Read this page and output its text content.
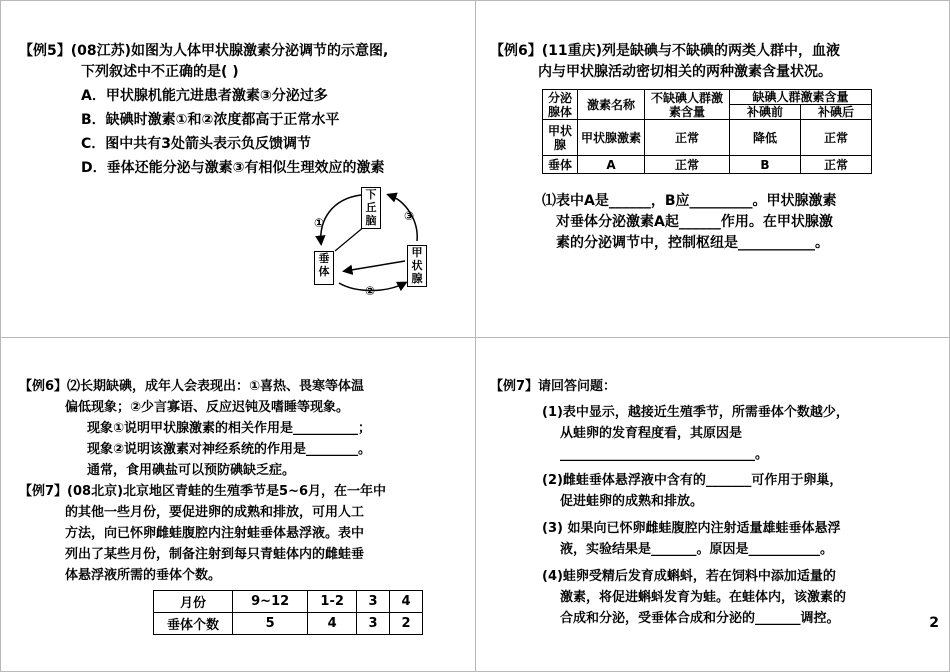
【例5】(08江苏)如图为人体甲状腺激素分泌调节的示意图,
下列叙述中不正确的是( )
A．甲状腺机能亢进患者激素③分泌过多
B．缺碘时激素①和②浓度都高于正常水平
C．图中共有3处箭头表示负反馈调节
D．垂体还能分泌与激素③有相似生理效应的激素
下丘脑
垂体
甲状腺
①
②
③
【例6】(11重庆)列是缺碘与不缺碘的两类人群中，血液
内与甲状腺活动密切相关的两种激素含量状况。
分泌腺体	激素名称	不缺碘人群激素含量	缺碘人群激素含量	
			补碘前	补碘后
甲状腺	甲状腺激素	正常	降低	正常
垂体	A	正常	B	正常
⑴表中A是______，B应_________。甲状腺激素
对垂体分泌激素A起______作用。在甲状腺激
素的分泌调节中，控制枢纽是___________。
【例6】⑵长期缺碘，成年人会表现出：①喜热、畏寒等体温
偏低现象；②少言寡语、反应迟钝及嗜睡等现象。
现象①说明甲状腺激素的相关作用是__________；
现象②说明该激素对神经系统的作用是________。
通常，食用碘盐可以预防碘缺乏症。
【例7】(08北京)北京地区青蛙的生殖季节是5~6月，在一年中
的其他一些月份，要促进卵的成熟和排放，可用人工
方法，向已怀卵雌蛙腹腔内注射蛙垂体悬浮液。表中
列出了某些月份，制备注射到每只青蛙体内的雌蛙垂
体悬浮液所需的垂体个数。
月份	9~12	1-2	3	4
垂体个数	5	4	3	2
【例7】请回答问题：
(1)表中显示，越接近生殖季节，所需垂体个数越少，
从蛙卵的发育程度看，其原因是
______________________________。
(2)雌蛙垂体悬浮液中含有的_______可作用于卵巢，
促进蛙卵的成熟和排放。
(3) 如果向已怀卵雌蛙腹腔内注射适量雄蛙垂体悬浮
液，实验结果是_______。原因是___________。
(4)蛙卵受精后发育成蝌蚪，若在饲料中添加适量的
激素，将促进蝌蚪发育为蛙。在蛙体内，该激素的
合成和分泌，受垂体合成和分泌的_______调控。	2
